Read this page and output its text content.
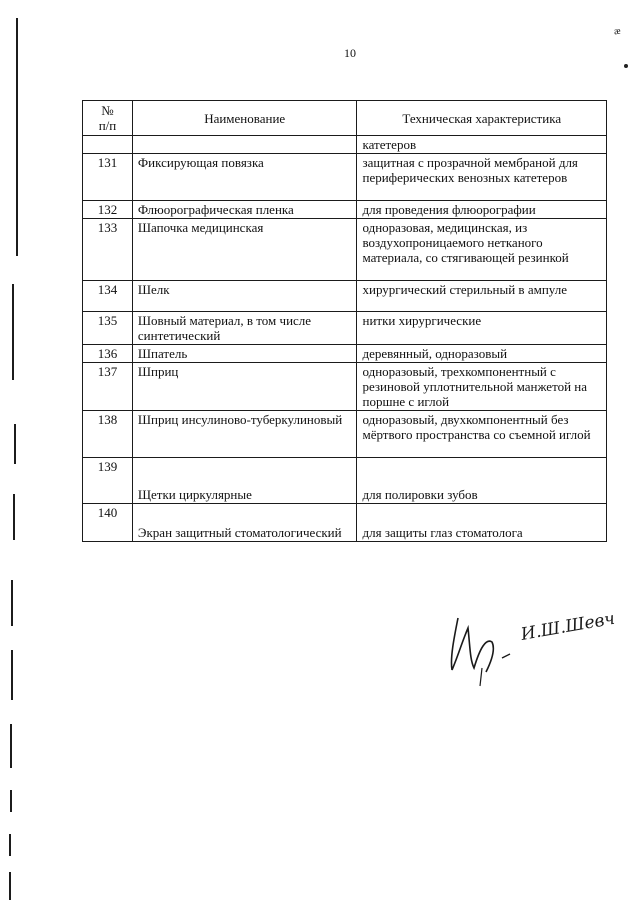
10
æ
№
п/п	Наименование	Техническая характеристика
		катетеров
131	Фиксирующая повязка	защитная с прозрачной мембраной для периферических венозных катетеров
132	Флюорографическая пленка	для проведения флюорографии
133	Шапочка медицинская	одноразовая, медицинская, из воздухопроницаемого нетканого материала, со стягивающей резинкой
134	Шелк	хирургический стерильный в ампуле
135	Шовный материал, в том числе синтетический	нитки хирургические
136	Шпатель	деревянный, одноразовый
137	Шприц	одноразовый, трехкомпонентный с резиновой уплотнительной манжетой на поршне с иглой
138	Шприц инсулиново-туберкулиновый	одноразовый, двухкомпонентный без мёртвого пространства со съемной иглой
139	Щетки циркулярные	для полировки зубов
140	Экран защитный стоматологический	для защиты глаз стоматолога
И.Ш.Шевч
